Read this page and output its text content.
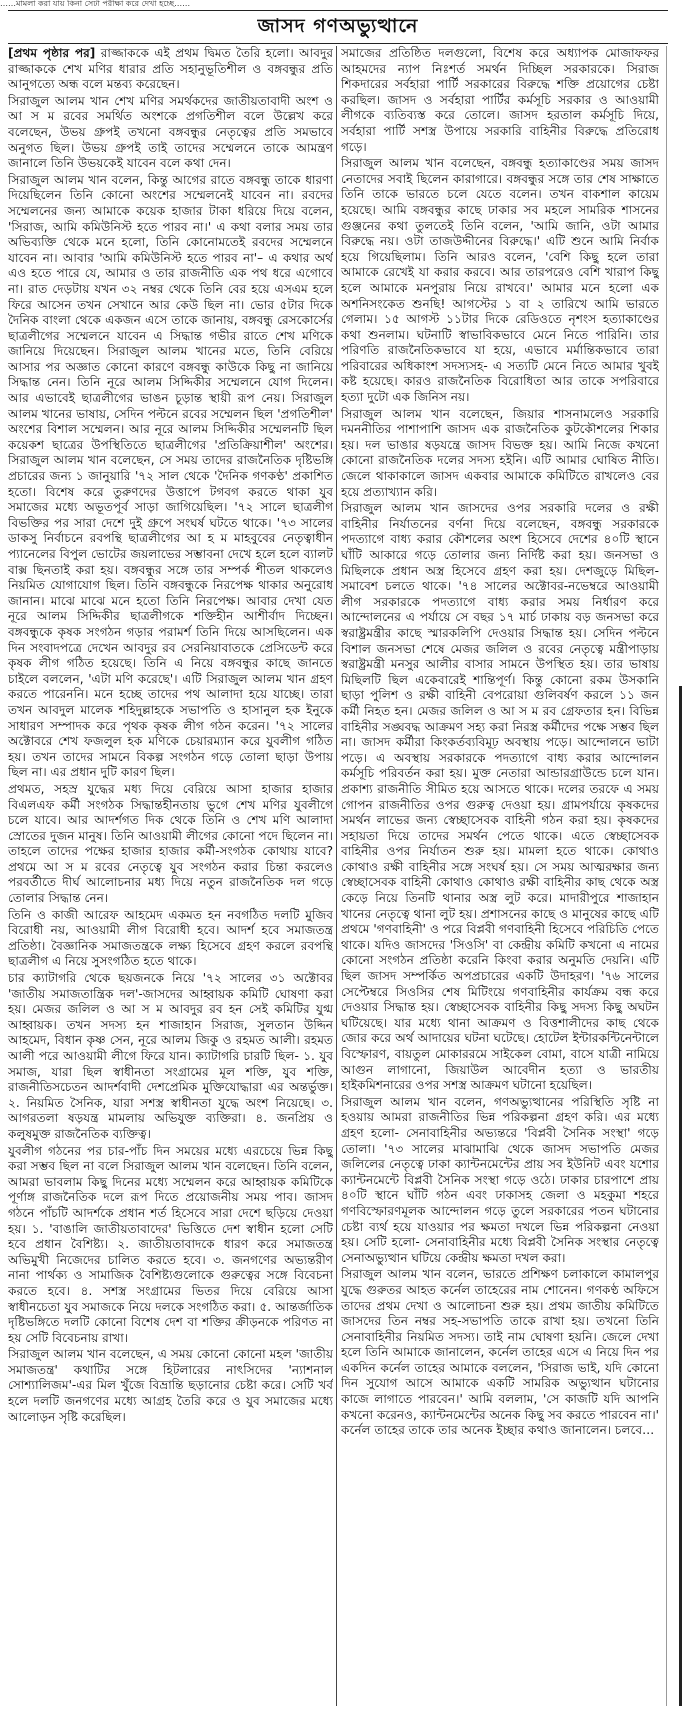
……মামলা করা যায় কিনা সেটা পরীক্ষা করে দেখা হচ্ছে……
জাসদ গণঅভ্যুত্থানে

[প্রথম পৃষ্ঠার পর] রাজ্জাককে এই প্রথম দ্বিমত তৈরি হলো। আবদুর রাজ্জাককে শেখ মণির ধারার প্রতি সহানুভূতিশীল ও বঙ্গবন্ধুর প্রতি আনুগত্যে অন্ধ বলে মন্তব্য করেছেন।

সিরাজুল আলম খান শেখ মণির সমর্থকদের জাতীয়তাবাদী অংশ ও আ স ম রবের সমর্থিত অংশকে প্রগতিশীল বলে উল্লেখ করে বলেছেন, উভয় গ্রুপই তখনো বঙ্গবন্ধুর নেতৃত্বের প্রতি সমভাবে অনুগত ছিল। উভয় গ্রুপই তাই তাদের সম্মেলনে তাকে আমন্ত্রণ জানালে তিনি উভয়কেই যাবেন বলে কথা দেন।

সিরাজুল আলম খান বলেন, কিন্তু আগের রাতে বঙ্গবন্ধু তাকে ধারণা দিয়েছিলেন তিনি কোনো অংশের সম্মেলনেই যাবেন না। রবদের সম্মেলনের জন্য আমাকে কয়েক হাজার টাকা ধরিয়ে দিয়ে বলেন, 'সিরাজ, আমি কমিউনিস্ট হতে পারব না।' এ কথা বলার সময় তার অভিব্যক্তি থেকে মনে হলো, তিনি কোনোমতেই রবদের সম্মেলনে যাবেন না। আবার 'আমি কমিউনিস্ট হতে পারব না'– এ কথার অর্থ এও হতে পারে যে, আমার ও তার রাজনীতি এক পথ ধরে এগোবে না। রাত দেড়টায় যখন ৩২ নম্বর থেকে তিনি বের হয়ে এসএম হলে ফিরে আসেন তখন সেখানে আর কেউ ছিল না। ভোর ৫টার দিকে দৈনিক বাংলা থেকে একজন এসে তাকে জানায়, বঙ্গবন্ধু রেসকোর্সের ছাত্রলীগের সম্মেলনে যাবেন এ সিদ্ধান্ত গভীর রাতে শেখ মণিকে জানিয়ে দিয়েছেন। সিরাজুল আলম খানের মতে, তিনি বেরিয়ে আসার পর অজ্ঞাত কোনো কারণে বঙ্গবন্ধু কাউকে কিছু না জানিয়ে সিদ্ধান্ত নেন। তিনি নূরে আলম সিদ্দিকীর সম্মেলনে যোগ দিলেন। আর এভাবেই ছাত্রলীগের ভাঙন চূড়ান্ত স্থায়ী রূপ নেয়। সিরাজুল আলম খানের ভাষায়, সেদিন পল্টনে রবের সম্মেলন ছিল 'প্রগতিশীল' অংশের বিশাল সম্মেলন। আর নূরে আলম সিদ্দিকীর সম্মেলনটি ছিল কয়েকশ ছাত্রের উপস্থিতিতে ছাত্রলীগের 'প্রতিক্রিয়াশীল' অংশের। সিরাজুল আলম খান বলেছেন, সে সময় তাদের রাজনৈতিক দৃষ্টিভঙ্গি প্রচারের জন্য ১ জানুয়ারি '৭২ সাল থেকে 'দৈনিক গণকণ্ঠ' প্রকাশিত হতো। বিশেষ করে তুরুণদের উত্তাপে টগবগ করতে থাকা যুব সমাজের মধ্যে অভূতপূর্ব সাড়া জাগিয়েছিল। '৭২ সালে ছাত্রলীগ বিভক্তির পর সারা দেশে দুই গ্রুপে সংঘর্ষ ঘটতে থাকে। '৭৩ সালের ডাকসু নির্বাচনে রবপন্থি ছাত্রলীগের আ হ ম মাহবুবের নেতৃত্বাধীন প্যানেলের বিপুল ভোটের জয়লাভের সম্ভাবনা দেখে হলে হলে ব্যালট বাক্স ছিনতাই করা হয়। বঙ্গবন্ধুর সঙ্গে তার সম্পর্ক শীতল থাকলেও নিয়মিত যোগাযোগ ছিল। তিনি বঙ্গবন্ধুকে নিরপেক্ষ থাকার অনুরোধ জানান। মাঝে মাঝে মনে হতো তিনি নিরপেক্ষ। আবার দেখা যেত নূরে আলম সিদ্দিকীর ছাত্রলীগকে শক্তিহীন আশীর্বাদ দিচ্ছেন। বঙ্গবন্ধুকে কৃষক সংগঠন গড়ার পরামর্শ তিনি দিয়ে আসছিলেন। এক দিন সংবাদপত্রে দেখেন আবদুর রব সেরনিয়াবাতকে প্রেসিডেন্ট করে কৃষক লীগ গঠিত হয়েছে। তিনি এ নিয়ে বঙ্গবন্ধুর কাছে জানতে চাইলে বললেন, 'এটা মণি করেছে'। এটি সিরাজুল আলম খান গ্রহণ করতে পারেননি। মনে হচ্ছে তাদের পথ আলাদা হয়ে যাচ্ছে। তারা তখন আবদুল মালেক শহিদুল্লাহকে সভাপতি ও হাসানুল হক ইনুকে সাধারণ সম্পাদক করে পৃথক কৃষক লীগ গঠন করেন। '৭২ সালের অক্টোবরে শেখ ফজলুল হক মণিকে চেয়ারম্যান করে যুবলীগ গঠিত হয়। তখন তাদের সামনে বিকল্প সংগঠন গড়ে তোলা ছাড়া উপায় ছিল না। এর প্রধান দুটি কারণ ছিল।

প্রথমত, সহস্র যুদ্ধের মধ্য দিয়ে বেরিয়ে আসা হাজার হাজার বিএলএফ কর্মী সংগঠক সিদ্ধান্তহীনতায় ভুগে শেখ মণির যুবলীগে চলে যাবে। আর আদর্শগত দিক থেকে তিনি ও শেখ মণি আলাদা স্রোতের দুজন মানুষ। তিনি আওয়ামী লীগের কোনো পদে ছিলেন না। তাহলে তাদের পক্ষের হাজার হাজার কর্মী-সংগঠক কোথায় যাবে? প্রথমে আ স ম রবের নেতৃত্বে যুব সংগঠন করার চিন্তা করলেও পরবর্তীতে দীর্ঘ আলোচনার মধ্য দিয়ে নতুন রাজনৈতিক দল গড়ে তোলার সিদ্ধান্ত নেন।

তিনি ও কাজী আরেফ আহমেদ একমত হন নবগঠিত দলটি মুজিব বিরোধী নয়, আওয়ামী লীগ বিরোধী হবে। আদর্শ হবে সমাজতন্ত্র প্রতিষ্ঠা। বৈজ্ঞানিক সমাজতন্ত্রকে লক্ষ্য হিসেবে গ্রহণ করলে রবপন্থি ছাত্রলীগ এ নিয়ে সুসংগঠিত হতে থাকে।

চার ক্যাটাগরি থেকে ছয়জনকে নিয়ে '৭২ সালের ৩১ অক্টোবর 'জাতীয় সমাজতান্ত্রিক দল'-জাসদের আহ্বায়ক কমিটি ঘোষণা করা হয়। মেজর জলিল ও আ স ম আবদুর রব হন সেই কমিটির যুগ্ম আহ্বায়ক। তখন সদস্য হন শাজাহান সিরাজ, সুলতান উদ্দিন আহমেদ, বিধান কৃষ্ণ সেন, নূরে আলম জিকু ও রহমত আলী। রহমত আলী পরে আওয়ামী লীগে ফিরে যান। ক্যাটাগরি চারটি ছিল- ১. যুব সমাজ, যারা ছিল স্বাধীনতা সংগ্রামের মূল শক্তি, যুব শক্তি, রাজনীতিসচেতন আদর্শবাদী দেশপ্রেমিক মুক্তিযোদ্ধারা এর অন্তর্ভুক্ত। ২. নিয়মিত সৈনিক, যারা সশস্ত্র স্বাধীনতা যুদ্ধে অংশ নিয়েছে। ৩. আগরতলা ষড়যন্ত্র মামলায় অভিযুক্ত ব্যক্তিরা। ৪. জনপ্রিয় ও কলুষমুক্ত রাজনৈতিক ব্যক্তিত্ব।

যুবলীগ গঠনের পর চার-পাঁচ দিন সময়ের মধ্যে এরচেয়ে ভিন্ন কিছু করা সম্ভব ছিল না বলে সিরাজুল আলম খান বলেছেন। তিনি বলেন, আমরা ভাবলাম কিছু দিনের মধ্যে সম্মেলন করে আহ্বায়ক কমিটিকে পূর্ণাঙ্গ রাজনৈতিক দলে রূপ দিতে প্রয়োজনীয় সময় পাব। জাসদ গঠনে পাঁচটি আদর্শকে প্রধান শর্ত হিসেবে সারা দেশে ছড়িয়ে দেওয়া হয়। ১. 'বাঙালি জাতীয়তাবাদের' ভিত্তিতে দেশ স্বাধীন হলো সেটি হবে প্রধান বৈশিষ্ট্য। ২. জাতীয়তাবাদকে ধারণ করে সমাজতন্ত্র অভিমুখী নিজেদের চালিত করতে হবে। ৩. জনগণের অভ্যন্তরীণ নানা পার্থক্য ও সামাজিক বৈশিষ্ট্যগুলোকে গুরুত্বের সঙ্গে বিবেচনা করতে হবে। ৪. সশস্ত্র সংগ্রামের ভিতর দিয়ে বেরিয়ে আসা স্বাধীনচেতা যুব সমাজকে নিয়ে দলকে সংগঠিত করা। ৫. আন্তর্জাতিক দৃষ্টিভঙ্গিতে দলটি কোনো বিশেষ দেশ বা শক্তির ক্রীড়নকে পরিণত না হয় সেটি বিবেচনায় রাখা।

সিরাজুল আলম খান বলেছেন, এ সময় কোনো কোনো মহল 'জাতীয় সমাজতন্ত্র' কথাটির সঙ্গে হিটলারের নাৎসিদের 'ন্যাশনাল সোশ্যালিজম'-এর মিল খুঁজে বিভ্রান্তি ছড়ানোর চেষ্টা করে। সেটি খর্ব হলে দলটি জনগণের মধ্যে আগ্রহ তৈরি করে ও যুব সমাজের মধ্যে আলোড়ন সৃষ্টি করেছিল।

সমাজের প্রতিষ্ঠিত দলগুলো, বিশেষ করে অধ্যাপক মোজাফফর আহমদের ন্যাপ নিঃশর্ত সমর্থন দিচ্ছিল সরকারকে। সিরাজ শিকদারের সর্বহারা পার্টি সরকারের বিরুদ্ধে শক্তি প্রয়োগের চেষ্টা করছিল। জাসদ ও সর্বহারা পার্টির কর্মসূচি সরকার ও আওয়ামী লীগকে ব্যতিব্যস্ত করে তোলে। জাসদ হরতাল কর্মসূচি দিয়ে, সর্বহারা পার্টি সশস্ত্র উপায়ে সরকারি বাহিনীর বিরুদ্ধে প্রতিরোধ গড়ে।

সিরাজুল আলম খান বলেছেন, বঙ্গবন্ধু হত্যাকাণ্ডের সময় জাসদ নেতাদের সবাই ছিলেন কারাগারে। বঙ্গবন্ধুর সঙ্গে তার শেষ সাক্ষাতে তিনি তাকে ভারতে চলে যেতে বলেন। তখন বাকশাল কায়েম হয়েছে। আমি বঙ্গবন্ধুর কাছে ঢাকার সব মহলে সামরিক শাসনের গুঞ্জনের কথা তুলতেই তিনি বলেন, 'আমি জানি, ওটা আমার বিরুদ্ধে নয়। ওটা তাজউদ্দীনের বিরুদ্ধে।' এটি শুনে আমি নির্বাক হয়ে গিয়েছিলাম। তিনি আরও বলেন, 'বেশি কিছু হলে তারা আমাকে রেখেই যা করার করবে। আর তারপরেও বেশি খারাপ কিছু হলে আমাকে মনপুরায় নিয়ে রাখবে।' আমার মনে হলো এক অশনিসংকেত শুনছি! আগস্টের ১ বা ২ তারিখে আমি ভারতে গেলাম। ১৫ আগস্ট ১১টার দিকে রেডিওতে নৃশংস হত্যাকাণ্ডের কথা শুনলাম। ঘটনাটি স্বাভাবিকভাবে মেনে নিতে পারিনি। তার পরিণতি রাজনৈতিকভাবে যা হয়ে, এভাবে মর্মান্তিকভাবে তারা পরিবারের অধিকাংশ সদস্যসহ- এ সত্যটি মেনে নিতে আমার খুবই কষ্ট হয়েছে। কারও রাজনৈতিক বিরোধিতা আর তাকে সপরিবারে হত্যা দুটো এক জিনিস নয়।

সিরাজুল আলম খান বলেছেন, জিয়ার শাসনামলেও সরকারি দমননীতির পাশাপাশি জাসদ এক রাজনৈতিক কুটকৌশলের শিকার হয়। দল ভাঙার ষড়যন্ত্রে জাসদ বিভক্ত হয়। আমি নিজে কখনো কোনো রাজনৈতিক দলের সদস্য হইনি। এটি আমার ঘোষিত নীতি। জেলে থাকাকালে জাসদ একবার আমাকে কমিটিতে রাখলেও বের হয়ে প্রত্যাখ্যান করি।

সিরাজুল আলম খান জাসদের ওপর সরকারি দলের ও রক্ষী বাহিনীর নির্যাতনের বর্ণনা দিয়ে বলেছেন, বঙ্গবন্ধু সরকারকে পদত্যাগে বাধ্য করার কৌশলের অংশ হিসেবে দেশের ৪০টি স্থানে ঘাঁটি আকারে গড়ে তোলার জন্য নির্দিষ্ট করা হয়। জনসভা ও মিছিলকে প্রধান অস্ত্র হিসেবে গ্রহণ করা হয়। দেশজুড়ে মিছিল-সমাবেশ চলতে থাকে। '৭৪ সালের অক্টোবর-নভেম্বরে আওয়ামী লীগ সরকারকে পদত্যাগে বাধ্য করার সময় নির্ধারণ করে আন্দোলনের এ পর্যায়ে সে বছর ১৭ মার্চ ঢাকায় বড় জনসভা করে স্বরাষ্ট্রমন্ত্রীর কাছে স্মারকলিপি দেওয়ার সিদ্ধান্ত হয়। সেদিন পল্টনে বিশাল জনসভা শেষে মেজর জলিল ও রবের নেতৃত্বে মন্ত্রীপাড়ায় স্বরাষ্ট্রমন্ত্রী মনসুর আলীর বাসার সামনে উপস্থিত হয়। তার ভাষায় মিছিলটি ছিল একেবারেই শান্তিপূর্ণ। কিন্তু কোনো রকম উসকানি ছাড়া পুলিশ ও রক্ষী বাহিনী বেপরোয়া গুলিবর্ষণ করলে ১১ জন কর্মী নিহত হন। মেজর জলিল ও আ স ম রব গ্রেফতার হন। বিভিন্ন বাহিনীর সঙ্ঘবদ্ধ আক্রমণ সহ্য করা নিরস্ত্র কর্মীদের পক্ষে সম্ভব ছিল না। জাসদ কর্মীরা কিংকর্তব্যবিমূঢ় অবস্থায় পড়ে। আন্দোলনে ভাটা পড়ে। এ অবস্থায় সরকারকে পদত্যাগে বাধ্য করার আন্দোলন কর্মসূচি পরিবর্তন করা হয়। মুক্ত নেতারা আন্ডারগ্রাউন্ডে চলে যান। প্রকাশ্য রাজনীতি সীমিত হয়ে আসতে থাকে। দলের তরফে এ সময় গোপন রাজনীতির ওপর গুরুত্ব দেওয়া হয়। গ্রামপর্যায়ে কৃষকদের সমর্থন লাভের জন্য স্বেচ্ছাসেবক বাহিনী গঠন করা হয়। কৃষকদের সহায়তা দিয়ে তাদের সমর্থন পেতে থাকে। এতে স্বেচ্ছাসেবক বাহিনীর ওপর নির্যাতন শুরু হয়। মামলা হতে থাকে। কোথাও কোথাও রক্ষী বাহিনীর সঙ্গে সংঘর্ষ হয়। সে সময় আত্মরক্ষার জন্য স্বেচ্ছাসেবক বাহিনী কোথাও কোথাও রক্ষী বাহিনীর কাছ থেকে অস্ত্র কেড়ে নিয়ে তিনটি থানার অস্ত্র লুট করে। মাদারীপুরে শাজাহান খানের নেতৃত্বে থানা লুট হয়। প্রশাসনের কাছে ও মানুষের কাছে এটি প্রথমে 'গণবাহিনী' ও পরে বিপ্লবী গণবাহিনী হিসেবে পরিচিতি পেতে থাকে। যদিও জাসদের 'সিওসি' বা কেন্দ্রীয় কমিটি কখনো এ নামের কোনো সংগঠন প্রতিষ্ঠা করেনি কিংবা করার অনুমতি দেয়নি। এটি ছিল জাসদ সম্পর্কিত অপপ্রচারের একটি উদাহরণ। '৭৬ সালের সেপ্টেম্বরে সিওসির শেষ মিটিংয়ে গণবাহিনীর কার্যক্রম বন্ধ করে দেওয়ার সিদ্ধান্ত হয়। স্বেচ্ছাসেবক বাহিনীর কিছু সদস্য কিছু অঘটন ঘটিয়েছে। যার মধ্যে থানা আক্রমণ ও বিত্তশালীদের কাছ থেকে জোর করে অর্থ আদায়ের ঘটনা ঘটেছে। হোটেল ইন্টারকন্টিনেন্টালে বিস্ফোরণ, বায়তুল মোকাররমে সাইকেল বোমা, বাসে যাত্রী নামিয়ে আগুন লাগানো, জিয়াউল আবেদীন হত্যা ও ভারতীয় হাইকমিশনারের ওপর সশস্ত্র আক্রমণ ঘটানো হয়েছিল।

সিরাজুল আলম খান বলেন, গণঅভ্যুত্থানের পরিস্থিতি সৃষ্টি না হওয়ায় আমরা রাজনীতির ভিন্ন পরিকল্পনা গ্রহণ করি। এর মধ্যে গ্রহণ হলো- সেনাবাহিনীর অভ্যন্তরে 'বিপ্লবী সৈনিক সংস্থা' গড়ে তোলা। '৭৩ সালের মাঝামাঝি থেকে জাসদ সভাপতি মেজর জলিলের নেতৃত্বে ঢাকা ক্যান্টনমেন্টের প্রায় সব ইউনিট এবং যশোর ক্যান্টনমেন্টে বিপ্লবী সৈনিক সংস্থা গড়ে ওঠে। ঢাকার চারপাশে প্রায় ৪০টি স্থানে ঘাঁটি গঠন এবং ঢাকাসহ জেলা ও মহকুমা শহরে গণবিস্ফোরণমূলক আন্দোলন গড়ে তুলে সরকারের পতন ঘটানোর চেষ্টা ব্যর্থ হয়ে যাওয়ার পর ক্ষমতা দখলে ভিন্ন পরিকল্পনা নেওয়া হয়। সেটি হলো- সেনাবাহিনীর মধ্যে বিপ্লবী সৈনিক সংস্থার নেতৃত্বে সেনাঅভ্যুত্থান ঘটিয়ে কেন্দ্রীয় ক্ষমতা দখল করা।

সিরাজুল আলম খান বলেন, ভারতে প্রশিক্ষণ চলাকালে কামালপুর যুদ্ধে গুরুতর আহত কর্নেল তাহেরের নাম শোনেন। গণকণ্ঠ অফিসে তাদের প্রথম দেখা ও আলোচনা শুরু হয়। প্রথম জাতীয় কমিটিতে জাসদের তিন নম্বর সহ-সভাপতি তাকে রাখা হয়। তখনো তিনি সেনাবাহিনীর নিয়মিত সদস্য। তাই নাম ঘোষণা হয়নি। জেলে দেখা হলে তিনি আমাকে জানালেন, কর্নেল তাহের এসে এ নিয়ে দিন পর একদিন কর্নেল তাহের আমাকে বললেন, 'সিরাজ ভাই, যদি কোনো দিন সুযোগ আসে আমাকে একটি সামরিক অভ্যুত্থান ঘটানোর কাজে লাগাতে পারবেন।' আমি বললাম, 'সে কাজটি যদি আপনি কখনো করেনও, ক্যান্টনমেন্টের অনেক কিছু সব করতে পারবেন না।' কর্নেল তাহের তাকে তার অনেক ইচ্ছার কথাও জানালেন। চলবে…
